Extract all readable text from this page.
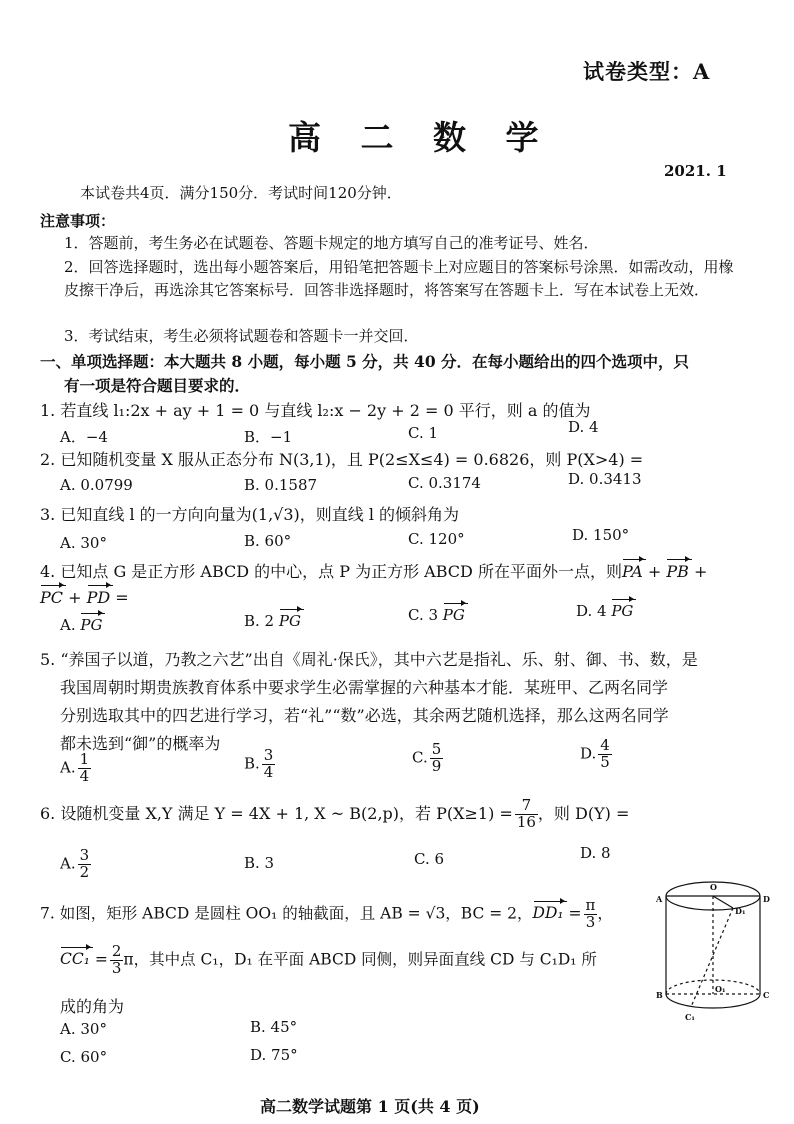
试卷类型：A
高 二 数 学
2021. 1
本试卷共4页．满分150分．考试时间120分钟．
注意事项：
1．答题前，考生务必在试题卷、答题卡规定的地方填写自己的准考证号、姓名．
2．回答选择题时，选出每小题答案后，用铅笔把答题卡上对应题目的答案标号涂黑．如需改动，用橡皮擦干净后，再选涂其它答案标号．回答非选择题时，将答案写在答题卡上．写在本试卷上无效．
3．考试结束，考生必须将试题卷和答题卡一并交回．
一、单项选择题：本大题共 8 小题，每小题 5 分，共 40 分．在每小题给出的四个选项中，只
有一项是符合题目要求的．
1. 若直线 l₁:2x + ay + 1 = 0 与直线 l₂:x − 2y + 2 = 0 平行，则 a 的值为
A．−4	B．−1	C. 1	D. 4
2. 已知随机变量 X 服从正态分布 N(3,1)，且 P(2≤X≤4) = 0.6826，则 P(X>4) =
A. 0.0799	B. 0.1587	C. 0.3174	D. 0.3413
3. 已知直线 l 的一方向向量为(1,√3)，则直线 l 的倾斜角为
A. 30°	B. 60°	C. 120°	D. 150°
4. 已知点 G 是正方形 ABCD 的中心，点 P 为正方形 ABCD 所在平面外一点，则PA + PB +
PC + PD =
A. PG	B. 2 PG	C. 3 PG	D. 4 PG
5. “养国子以道，乃教之六艺”出自《周礼·保氏》，其中六艺是指礼、乐、射、御、书、数，是
我国周朝时期贵族教育体系中要求学生必需掌握的六种基本才能．某班甲、乙两名同学
分别选取其中的四艺进行学习，若“礼”“数”必选，其余两艺随机选择，那么这两名同学
都未选到“御”的概率为
A. $\frac{1}{4}$	B. $\frac{3}{4}$	C. $\frac{5}{9}$	D. $\frac{4}{5}$
6. 设随机变量 X,Y 满足 Y = 4X + 1, X ~ B(2,p)，若 $P(X\ge 1) = \frac{7}{16}$ ，则 D(Y) =
A. $\frac{3}{2}$	B. 3	C. 6	D. 8
7. 如图，矩形 ABCD 是圆柱 OO₁ 的轴截面，且 AB = √3，BC = 2，$DD_1 = \frac{\pi}{3}$ ，
$CC_1 = \frac{2}{3}$ π，其中点 C₁，D₁ 在平面 ABCD 同侧，则异面直线 CD 与 C₁D₁ 所
成的角为
A. 30°	B. 45°
C. 60°	D. 75°
A	D
B	C
O
O₁
D₁
C₁
高二数学试题第 1 页(共 4 页)
